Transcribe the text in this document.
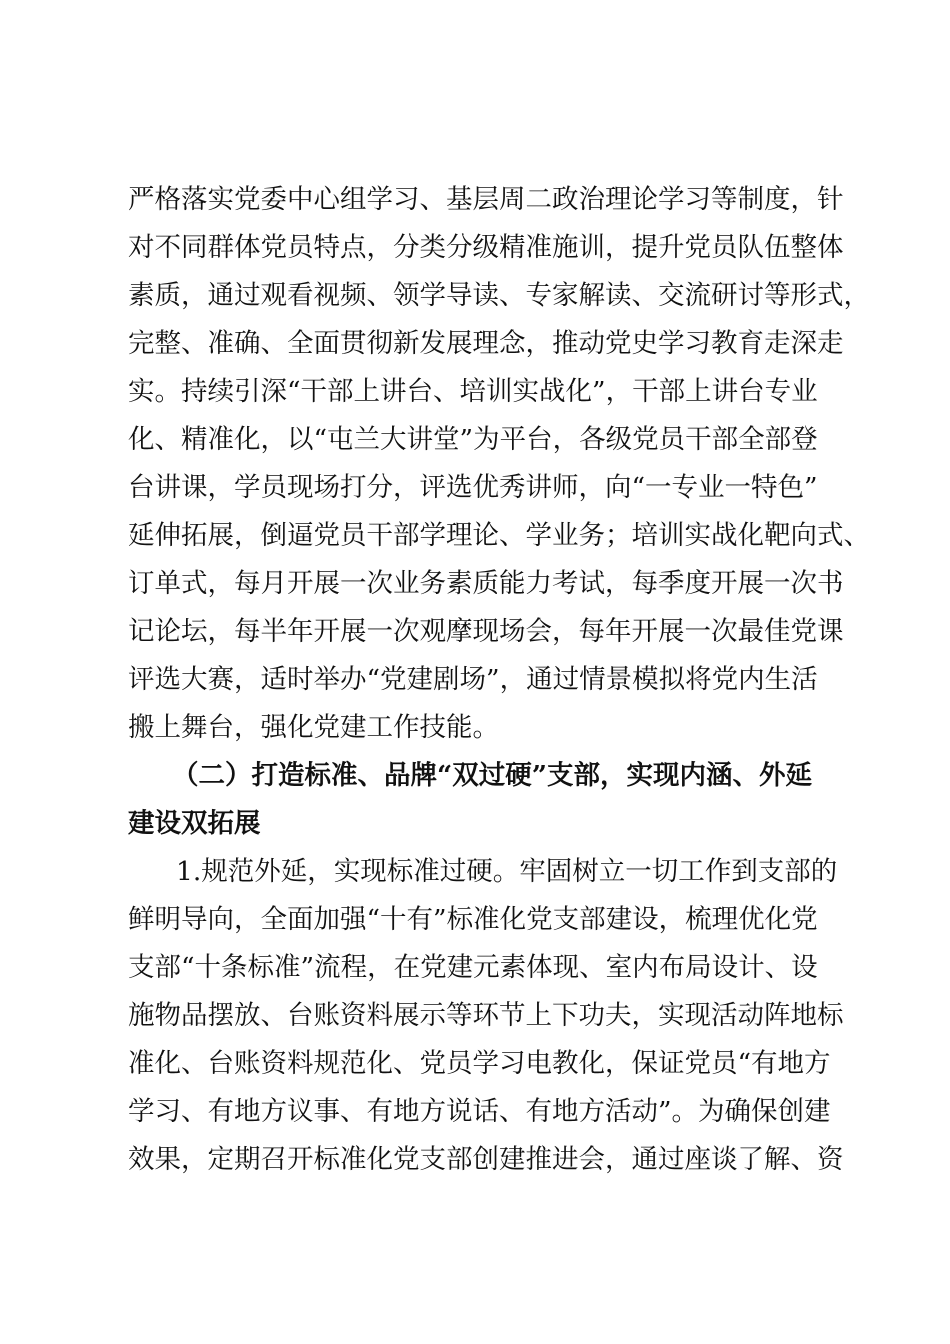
严格落实党委中心组学习、基层周二政治理论学习等制度，针
对不同群体党员特点，分类分级精准施训，提升党员队伍整体
素质，通过观看视频、领学导读、专家解读、交流研讨等形式，
完整、准确、全面贯彻新发展理念，推动党史学习教育走深走
实。持续引深“干部上讲台、培训实战化”，干部上讲台专业
化、精准化，以“屯兰大讲堂”为平台，各级党员干部全部登
台讲课，学员现场打分，评选优秀讲师，向“一专业一特色”
延伸拓展，倒逼党员干部学理论、学业务；培训实战化靶向式、
订单式，每月开展一次业务素质能力考试，每季度开展一次书
记论坛，每半年开展一次观摩现场会，每年开展一次最佳党课
评选大赛，适时举办“党建剧场”，通过情景模拟将党内生活
搬上舞台，强化党建工作技能。
（二）打造标准、品牌“双过硬”支部，实现内涵、外延
建设双拓展
1.规范外延，实现标准过硬。牢固树立一切工作到支部的
鲜明导向，全面加强“十有”标准化党支部建设，梳理优化党
支部“十条标准”流程，在党建元素体现、室内布局设计、设
施物品摆放、台账资料展示等环节上下功夫，实现活动阵地标
准化、台账资料规范化、党员学习电教化，保证党员“有地方
学习、有地方议事、有地方说话、有地方活动”。为确保创建
效果，定期召开标准化党支部创建推进会，通过座谈了解、资
